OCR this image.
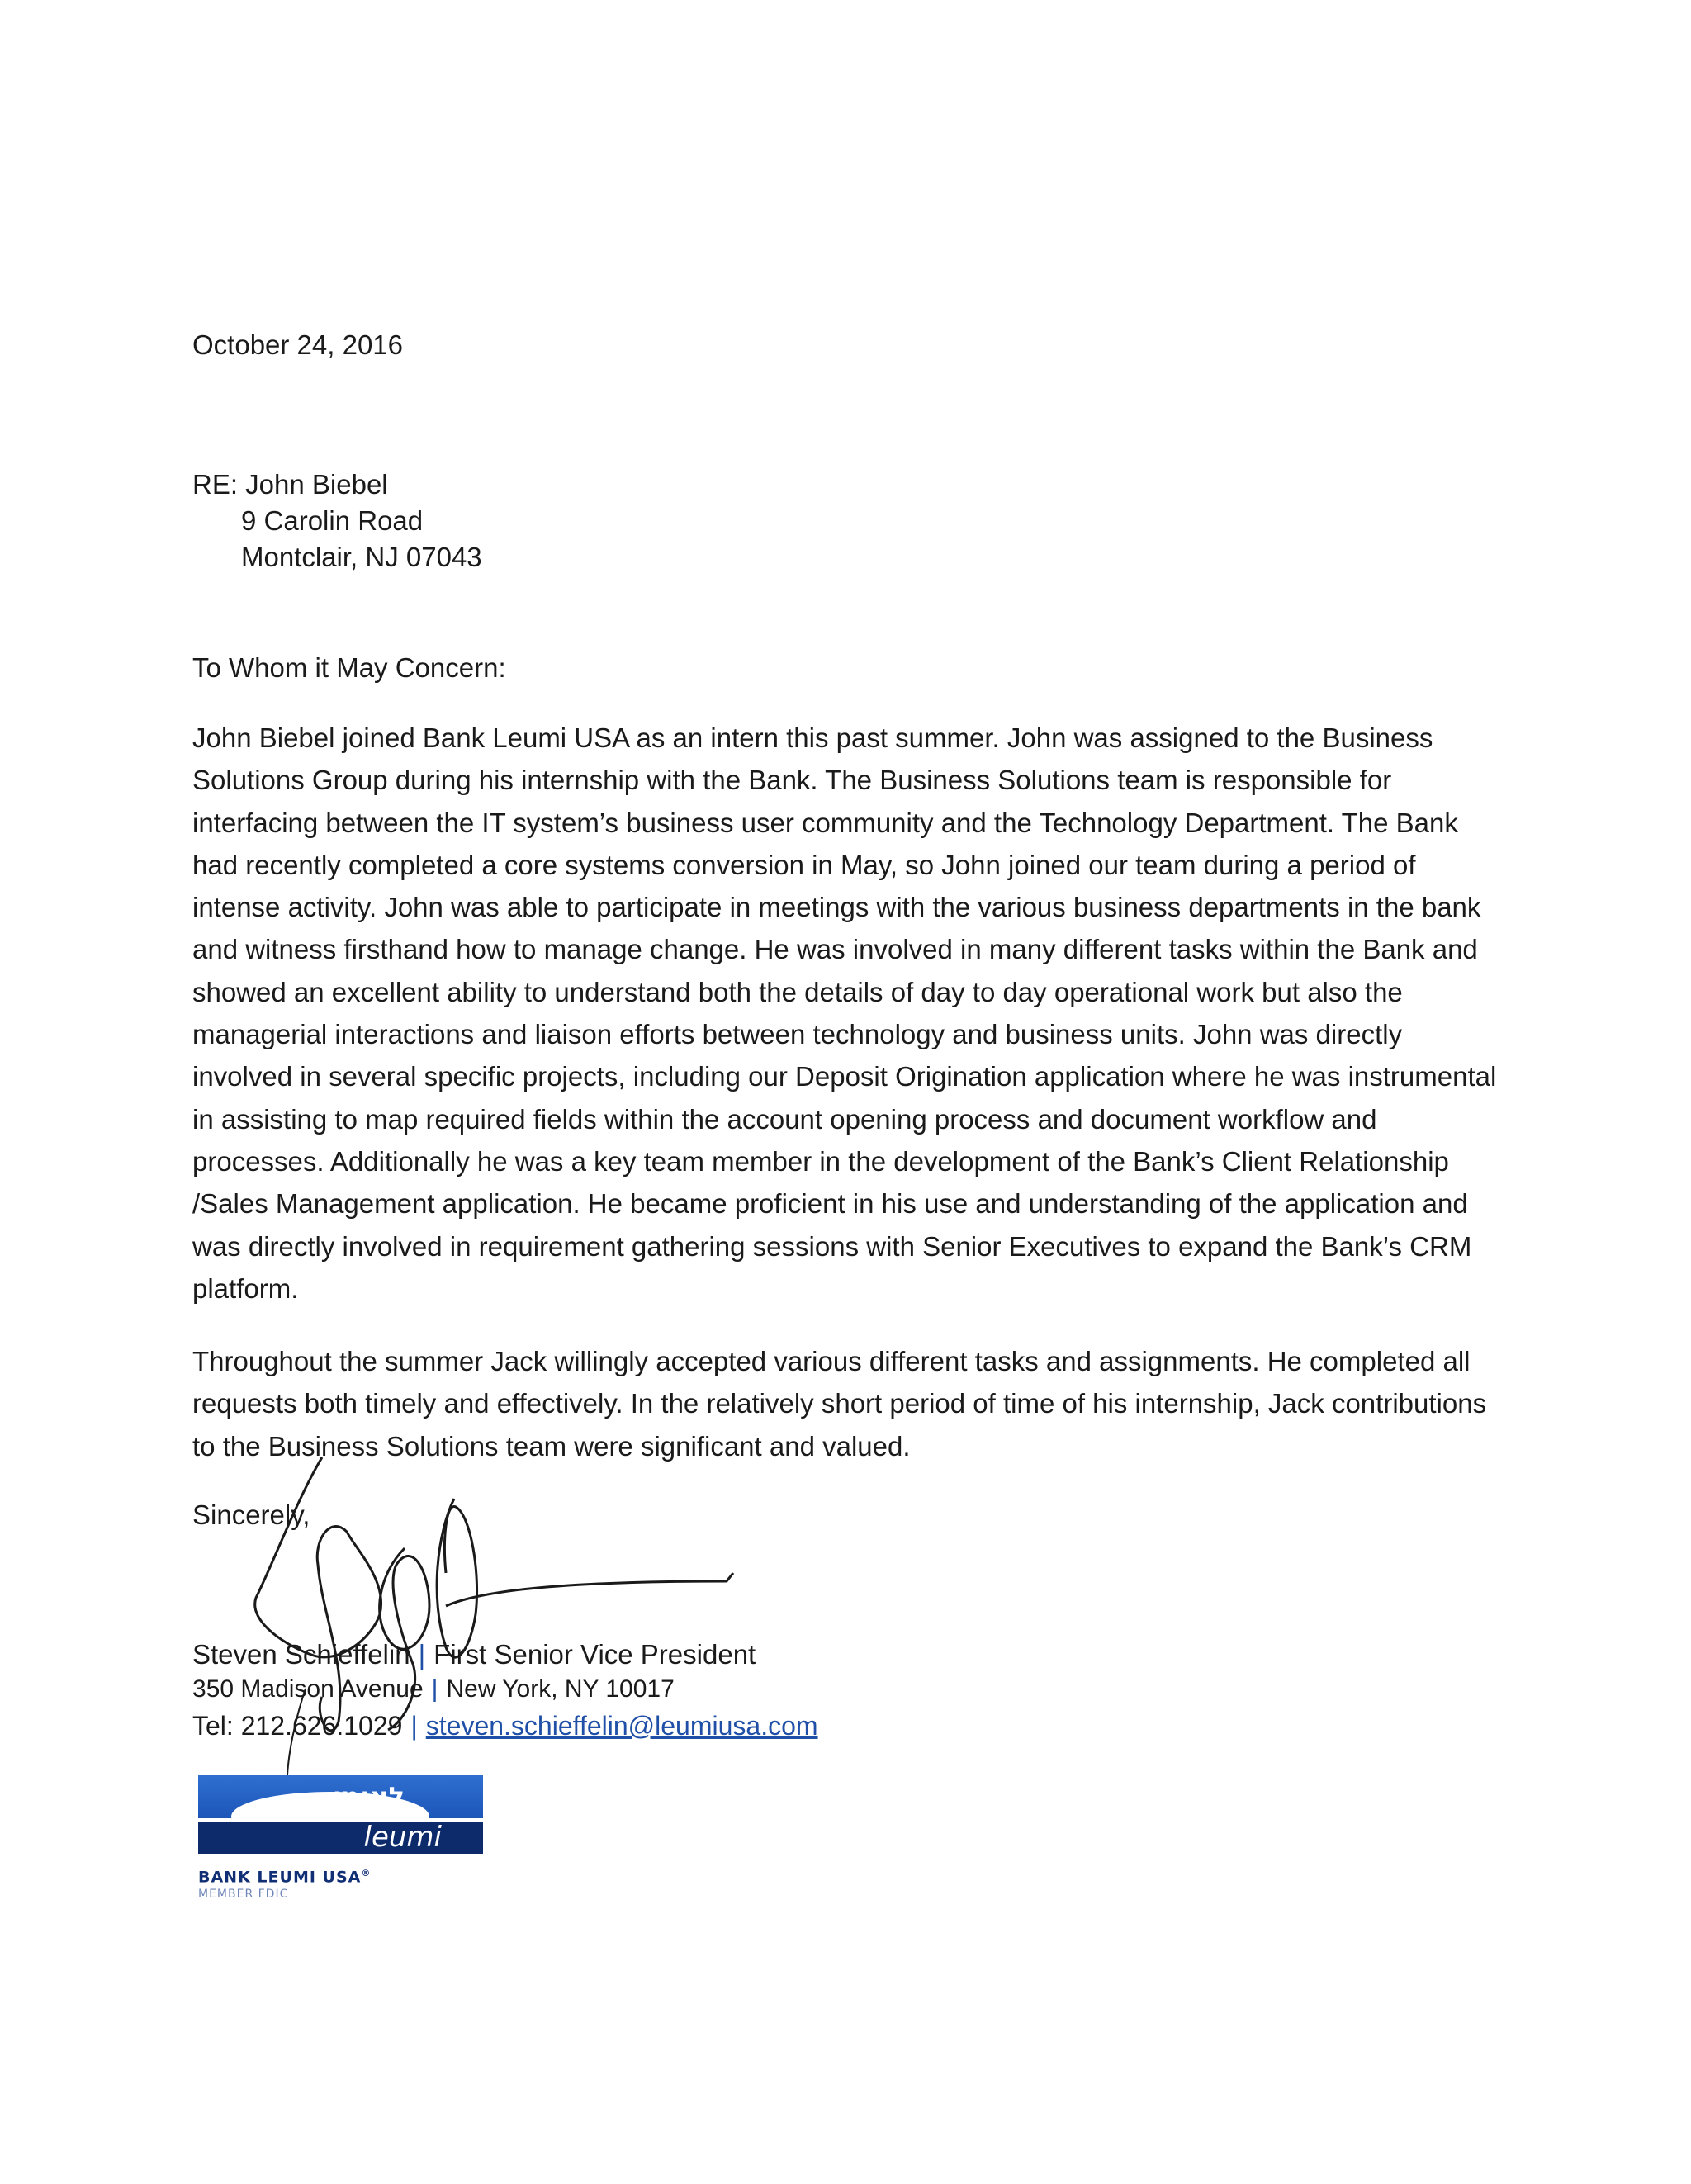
October 24, 2016
RE: John Biebel
9 Carolin Road
Montclair, NJ 07043
To Whom it May Concern:

John Biebel joined Bank Leumi USA as an intern this past summer. John was assigned to the Business Solutions Group during his internship with the Bank. The Business Solutions team is responsible for interfacing between the IT system’s business user community and the Technology Department. The Bank had recently completed a core systems conversion in May, so John joined our team during a period of intense activity. John was able to participate in meetings with the various business departments in the bank and witness firsthand how to manage change. He was involved in many different tasks within the Bank and showed an excellent ability to understand both the details of day to day operational work but also the managerial interactions and liaison efforts between technology and business units. John was directly involved in several specific projects, including our Deposit Origination application where he was instrumental in assisting to map required fields within the account opening process and document workflow and processes. Additionally he was a key team member in the development of the Bank’s Client Relationship /Sales Management application. He became proficient in his use and understanding of the application and was directly involved in requirement gathering sessions with Senior Executives to expand the Bank’s CRM platform.

Throughout the summer Jack willingly accepted various different tasks and assignments. He completed all requests both timely and effectively. In the relatively short period of time of his internship, Jack contributions to the Business Solutions team were significant and valued.

Sincerely,
Steven Schieffelin | First Senior Vice President
350 Madison Avenue | New York, NY 10017
Tel: 212.626.1029 | steven.schieffelin@leumiusa.com
לאומי
leumi
BANK LEUMI USA®
MEMBER FDIC
